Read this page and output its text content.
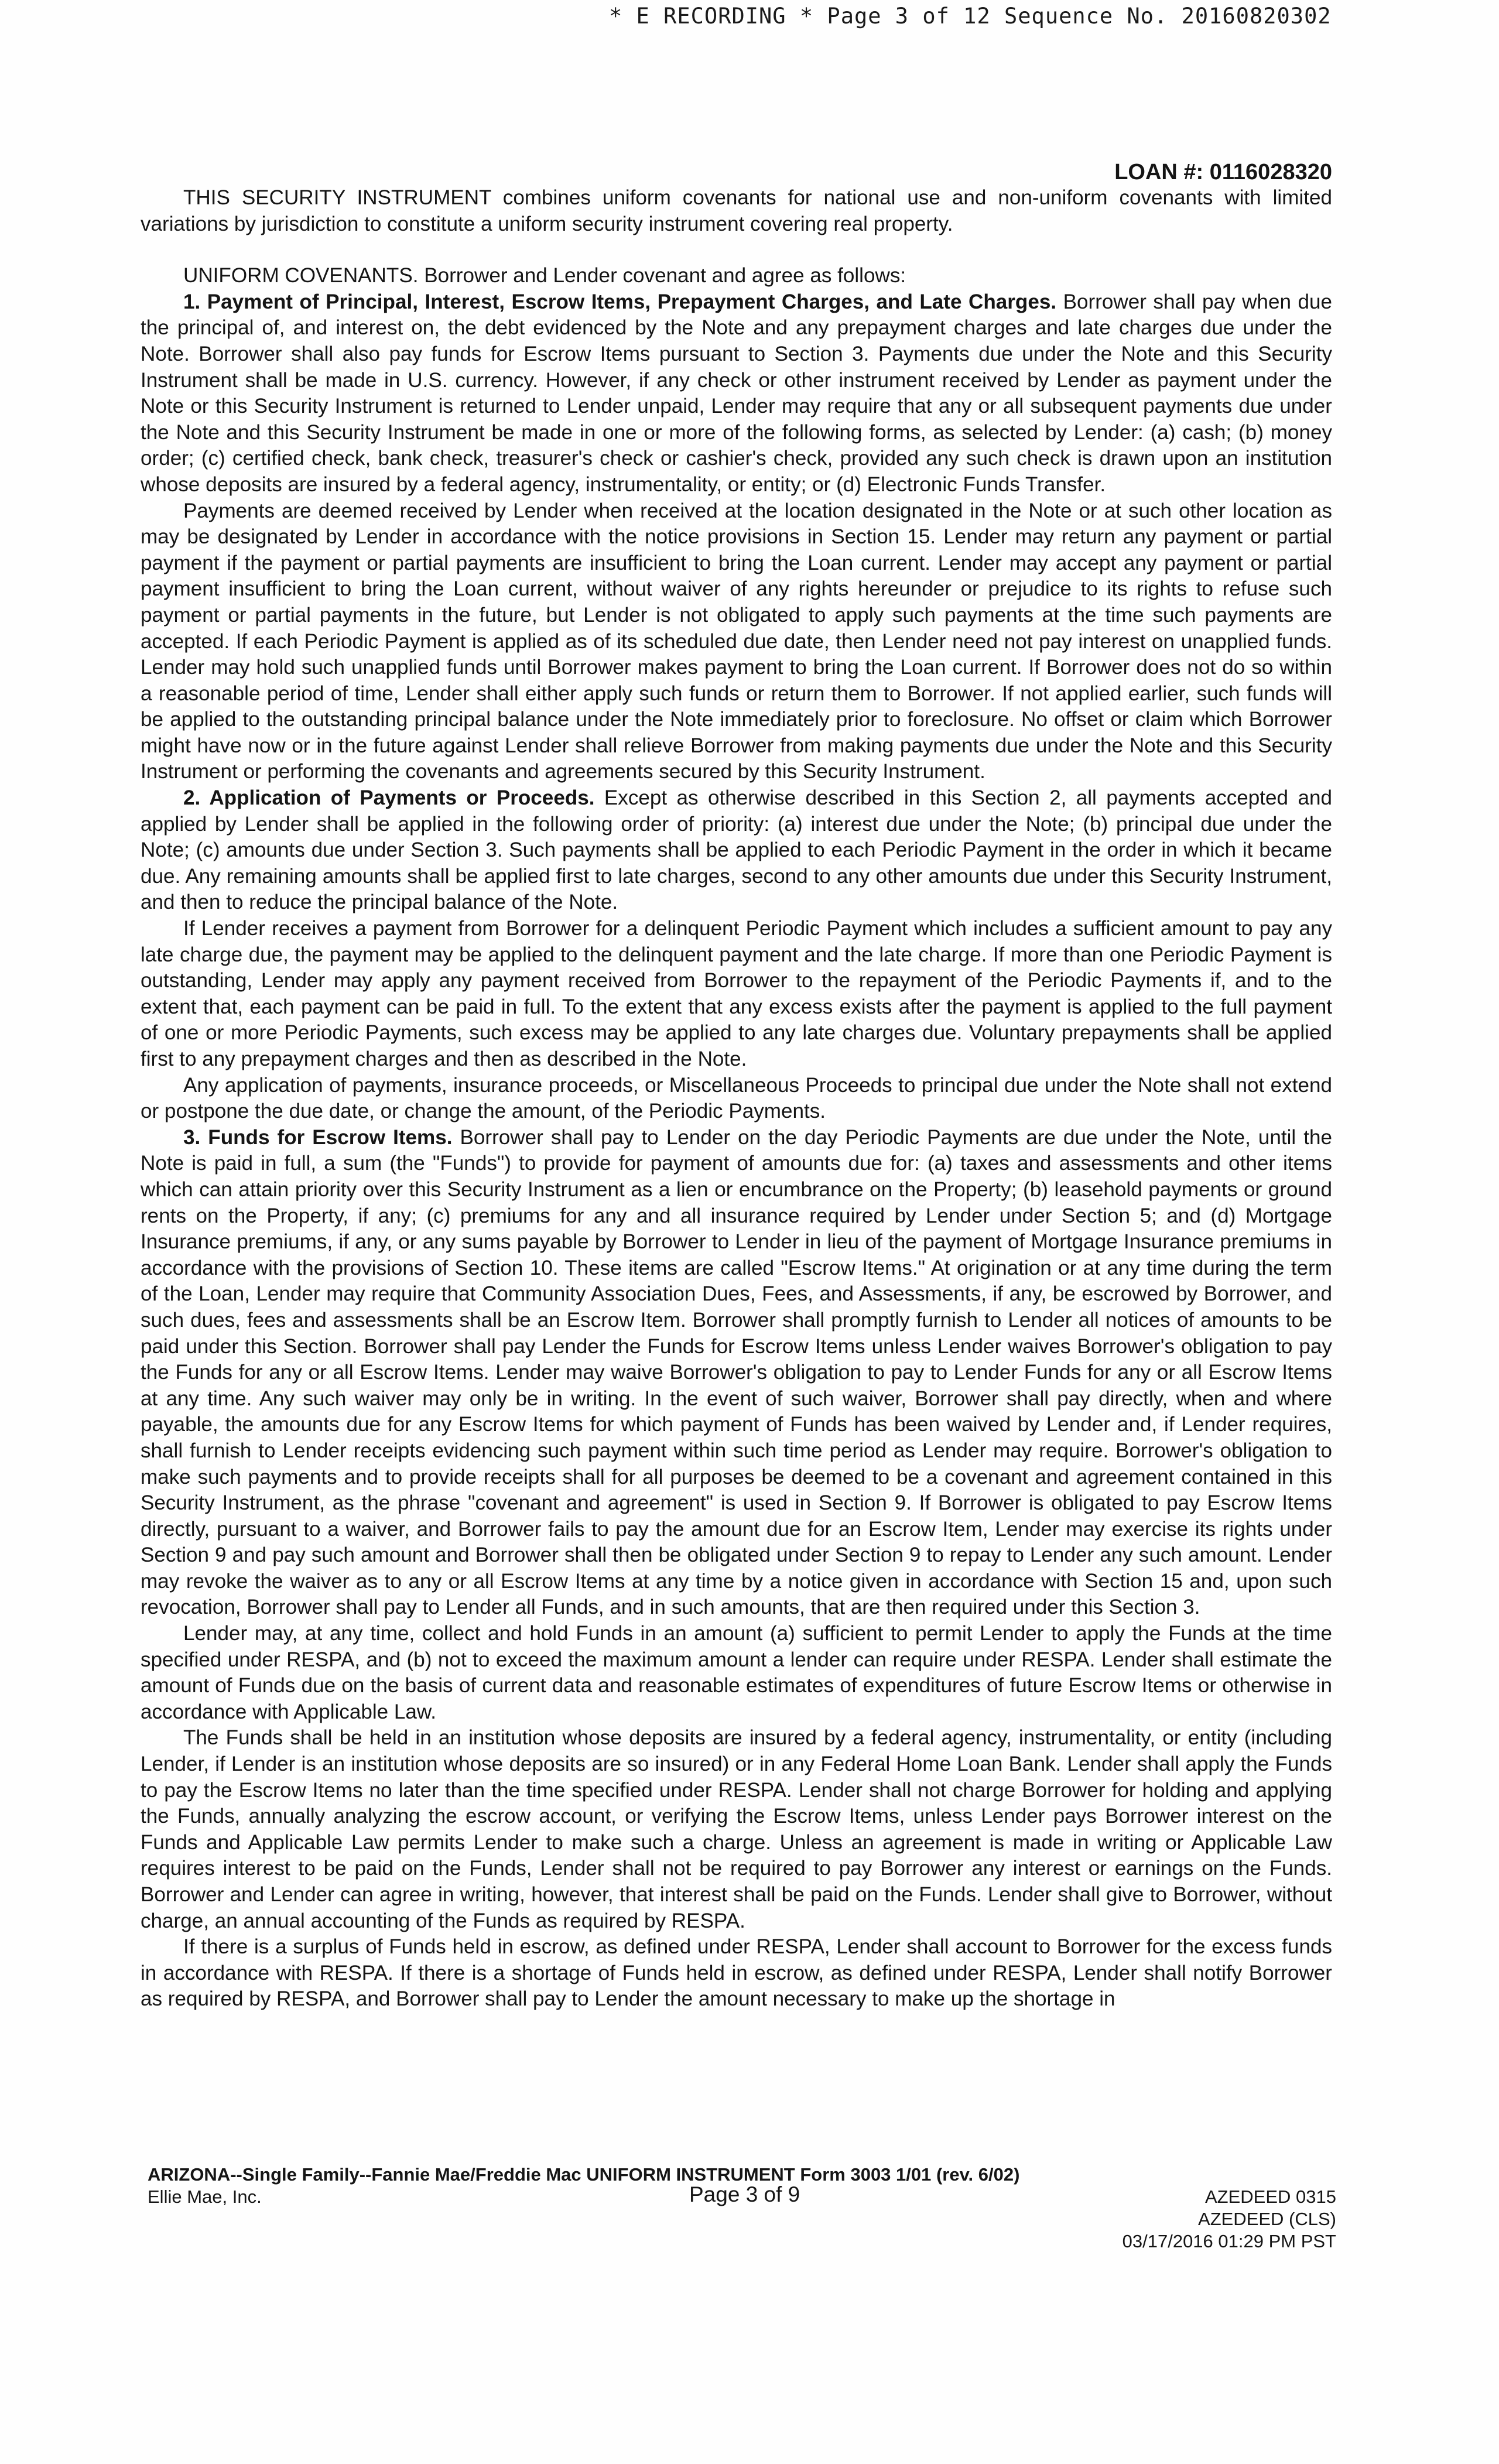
* E RECORDING * Page 3 of 12 Sequence No. 20160820302
LOAN #: 0116028320

THIS SECURITY INSTRUMENT combines uniform covenants for national use and non-uniform covenants with limited variations by jurisdiction to constitute a uniform security instrument covering real property.

UNIFORM COVENANTS. Borrower and Lender covenant and agree as follows:

1. Payment of Principal, Interest, Escrow Items, Prepayment Charges, and Late Charges. Borrower shall pay when due the principal of, and interest on, the debt evidenced by the Note and any prepayment charges and late charges due under the Note. Borrower shall also pay funds for Escrow Items pursuant to Section 3. Payments due under the Note and this Security Instrument shall be made in U.S. currency. However, if any check or other instrument received by Lender as payment under the Note or this Security Instrument is returned to Lender unpaid, Lender may require that any or all subsequent payments due under the Note and this Security Instrument be made in one or more of the following forms, as selected by Lender: (a) cash; (b) money order; (c) certified check, bank check, treasurer's check or cashier's check, provided any such check is drawn upon an institution whose deposits are insured by a federal agency, instrumentality, or entity; or (d) Electronic Funds Transfer.

Payments are deemed received by Lender when received at the location designated in the Note or at such other location as may be designated by Lender in accordance with the notice provisions in Section 15. Lender may return any payment or partial payment if the payment or partial payments are insufficient to bring the Loan current. Lender may accept any payment or partial payment insufficient to bring the Loan current, without waiver of any rights hereunder or prejudice to its rights to refuse such payment or partial payments in the future, but Lender is not obligated to apply such payments at the time such payments are accepted. If each Periodic Payment is applied as of its scheduled due date, then Lender need not pay interest on unapplied funds. Lender may hold such unapplied funds until Borrower makes payment to bring the Loan current. If Borrower does not do so within a reasonable period of time, Lender shall either apply such funds or return them to Borrower. If not applied earlier, such funds will be applied to the outstanding principal balance under the Note immediately prior to foreclosure. No offset or claim which Borrower might have now or in the future against Lender shall relieve Borrower from making payments due under the Note and this Security Instrument or performing the covenants and agreements secured by this Security Instrument.

2. Application of Payments or Proceeds. Except as otherwise described in this Section 2, all payments accepted and applied by Lender shall be applied in the following order of priority: (a) interest due under the Note; (b) principal due under the Note; (c) amounts due under Section 3. Such payments shall be applied to each Periodic Payment in the order in which it became due. Any remaining amounts shall be applied first to late charges, second to any other amounts due under this Security Instrument, and then to reduce the principal balance of the Note.

If Lender receives a payment from Borrower for a delinquent Periodic Payment which includes a sufficient amount to pay any late charge due, the payment may be applied to the delinquent payment and the late charge. If more than one Periodic Payment is outstanding, Lender may apply any payment received from Borrower to the repayment of the Periodic Payments if, and to the extent that, each payment can be paid in full. To the extent that any excess exists after the payment is applied to the full payment of one or more Periodic Payments, such excess may be applied to any late charges due. Voluntary prepayments shall be applied first to any prepayment charges and then as described in the Note.

Any application of payments, insurance proceeds, or Miscellaneous Proceeds to principal due under the Note shall not extend or postpone the due date, or change the amount, of the Periodic Payments.

3. Funds for Escrow Items. Borrower shall pay to Lender on the day Periodic Payments are due under the Note, until the Note is paid in full, a sum (the "Funds") to provide for payment of amounts due for: (a) taxes and assessments and other items which can attain priority over this Security Instrument as a lien or encumbrance on the Property; (b) leasehold payments or ground rents on the Property, if any; (c) premiums for any and all insurance required by Lender under Section 5; and (d) Mortgage Insurance premiums, if any, or any sums payable by Borrower to Lender in lieu of the payment of Mortgage Insurance premiums in accordance with the provisions of Section 10. These items are called "Escrow Items." At origination or at any time during the term of the Loan, Lender may require that Community Association Dues, Fees, and Assessments, if any, be escrowed by Borrower, and such dues, fees and assessments shall be an Escrow Item. Borrower shall promptly furnish to Lender all notices of amounts to be paid under this Section. Borrower shall pay Lender the Funds for Escrow Items unless Lender waives Borrower's obligation to pay the Funds for any or all Escrow Items. Lender may waive Borrower's obligation to pay to Lender Funds for any or all Escrow Items at any time. Any such waiver may only be in writing. In the event of such waiver, Borrower shall pay directly, when and where payable, the amounts due for any Escrow Items for which payment of Funds has been waived by Lender and, if Lender requires, shall furnish to Lender receipts evidencing such payment within such time period as Lender may require. Borrower's obligation to make such payments and to provide receipts shall for all purposes be deemed to be a covenant and agreement contained in this Security Instrument, as the phrase "covenant and agreement" is used in Section 9. If Borrower is obligated to pay Escrow Items directly, pursuant to a waiver, and Borrower fails to pay the amount due for an Escrow Item, Lender may exercise its rights under Section 9 and pay such amount and Borrower shall then be obligated under Section 9 to repay to Lender any such amount. Lender may revoke the waiver as to any or all Escrow Items at any time by a notice given in accordance with Section 15 and, upon such revocation, Borrower shall pay to Lender all Funds, and in such amounts, that are then required under this Section 3.

Lender may, at any time, collect and hold Funds in an amount (a) sufficient to permit Lender to apply the Funds at the time specified under RESPA, and (b) not to exceed the maximum amount a lender can require under RESPA. Lender shall estimate the amount of Funds due on the basis of current data and reasonable estimates of expenditures of future Escrow Items or otherwise in accordance with Applicable Law.

The Funds shall be held in an institution whose deposits are insured by a federal agency, instrumentality, or entity (including Lender, if Lender is an institution whose deposits are so insured) or in any Federal Home Loan Bank. Lender shall apply the Funds to pay the Escrow Items no later than the time specified under RESPA. Lender shall not charge Borrower for holding and applying the Funds, annually analyzing the escrow account, or verifying the Escrow Items, unless Lender pays Borrower interest on the Funds and Applicable Law permits Lender to make such a charge. Unless an agreement is made in writing or Applicable Law requires interest to be paid on the Funds, Lender shall not be required to pay Borrower any interest or earnings on the Funds. Borrower and Lender can agree in writing, however, that interest shall be paid on the Funds. Lender shall give to Borrower, without charge, an annual accounting of the Funds as required by RESPA.

If there is a surplus of Funds held in escrow, as defined under RESPA, Lender shall account to Borrower for the excess funds in accordance with RESPA. If there is a shortage of Funds held in escrow, as defined under RESPA, Lender shall notify Borrower as required by RESPA, and Borrower shall pay to Lender the amount necessary to make up the shortage in

ARIZONA--Single Family--Fannie Mae/Freddie Mac UNIFORM INSTRUMENT Form 3003 1/01 (rev. 6/02)
Ellie Mae, Inc.	Page 3 of 9	AZEDEED 0315
AZEDEED (CLS)
03/17/2016 01:29 PM PST
